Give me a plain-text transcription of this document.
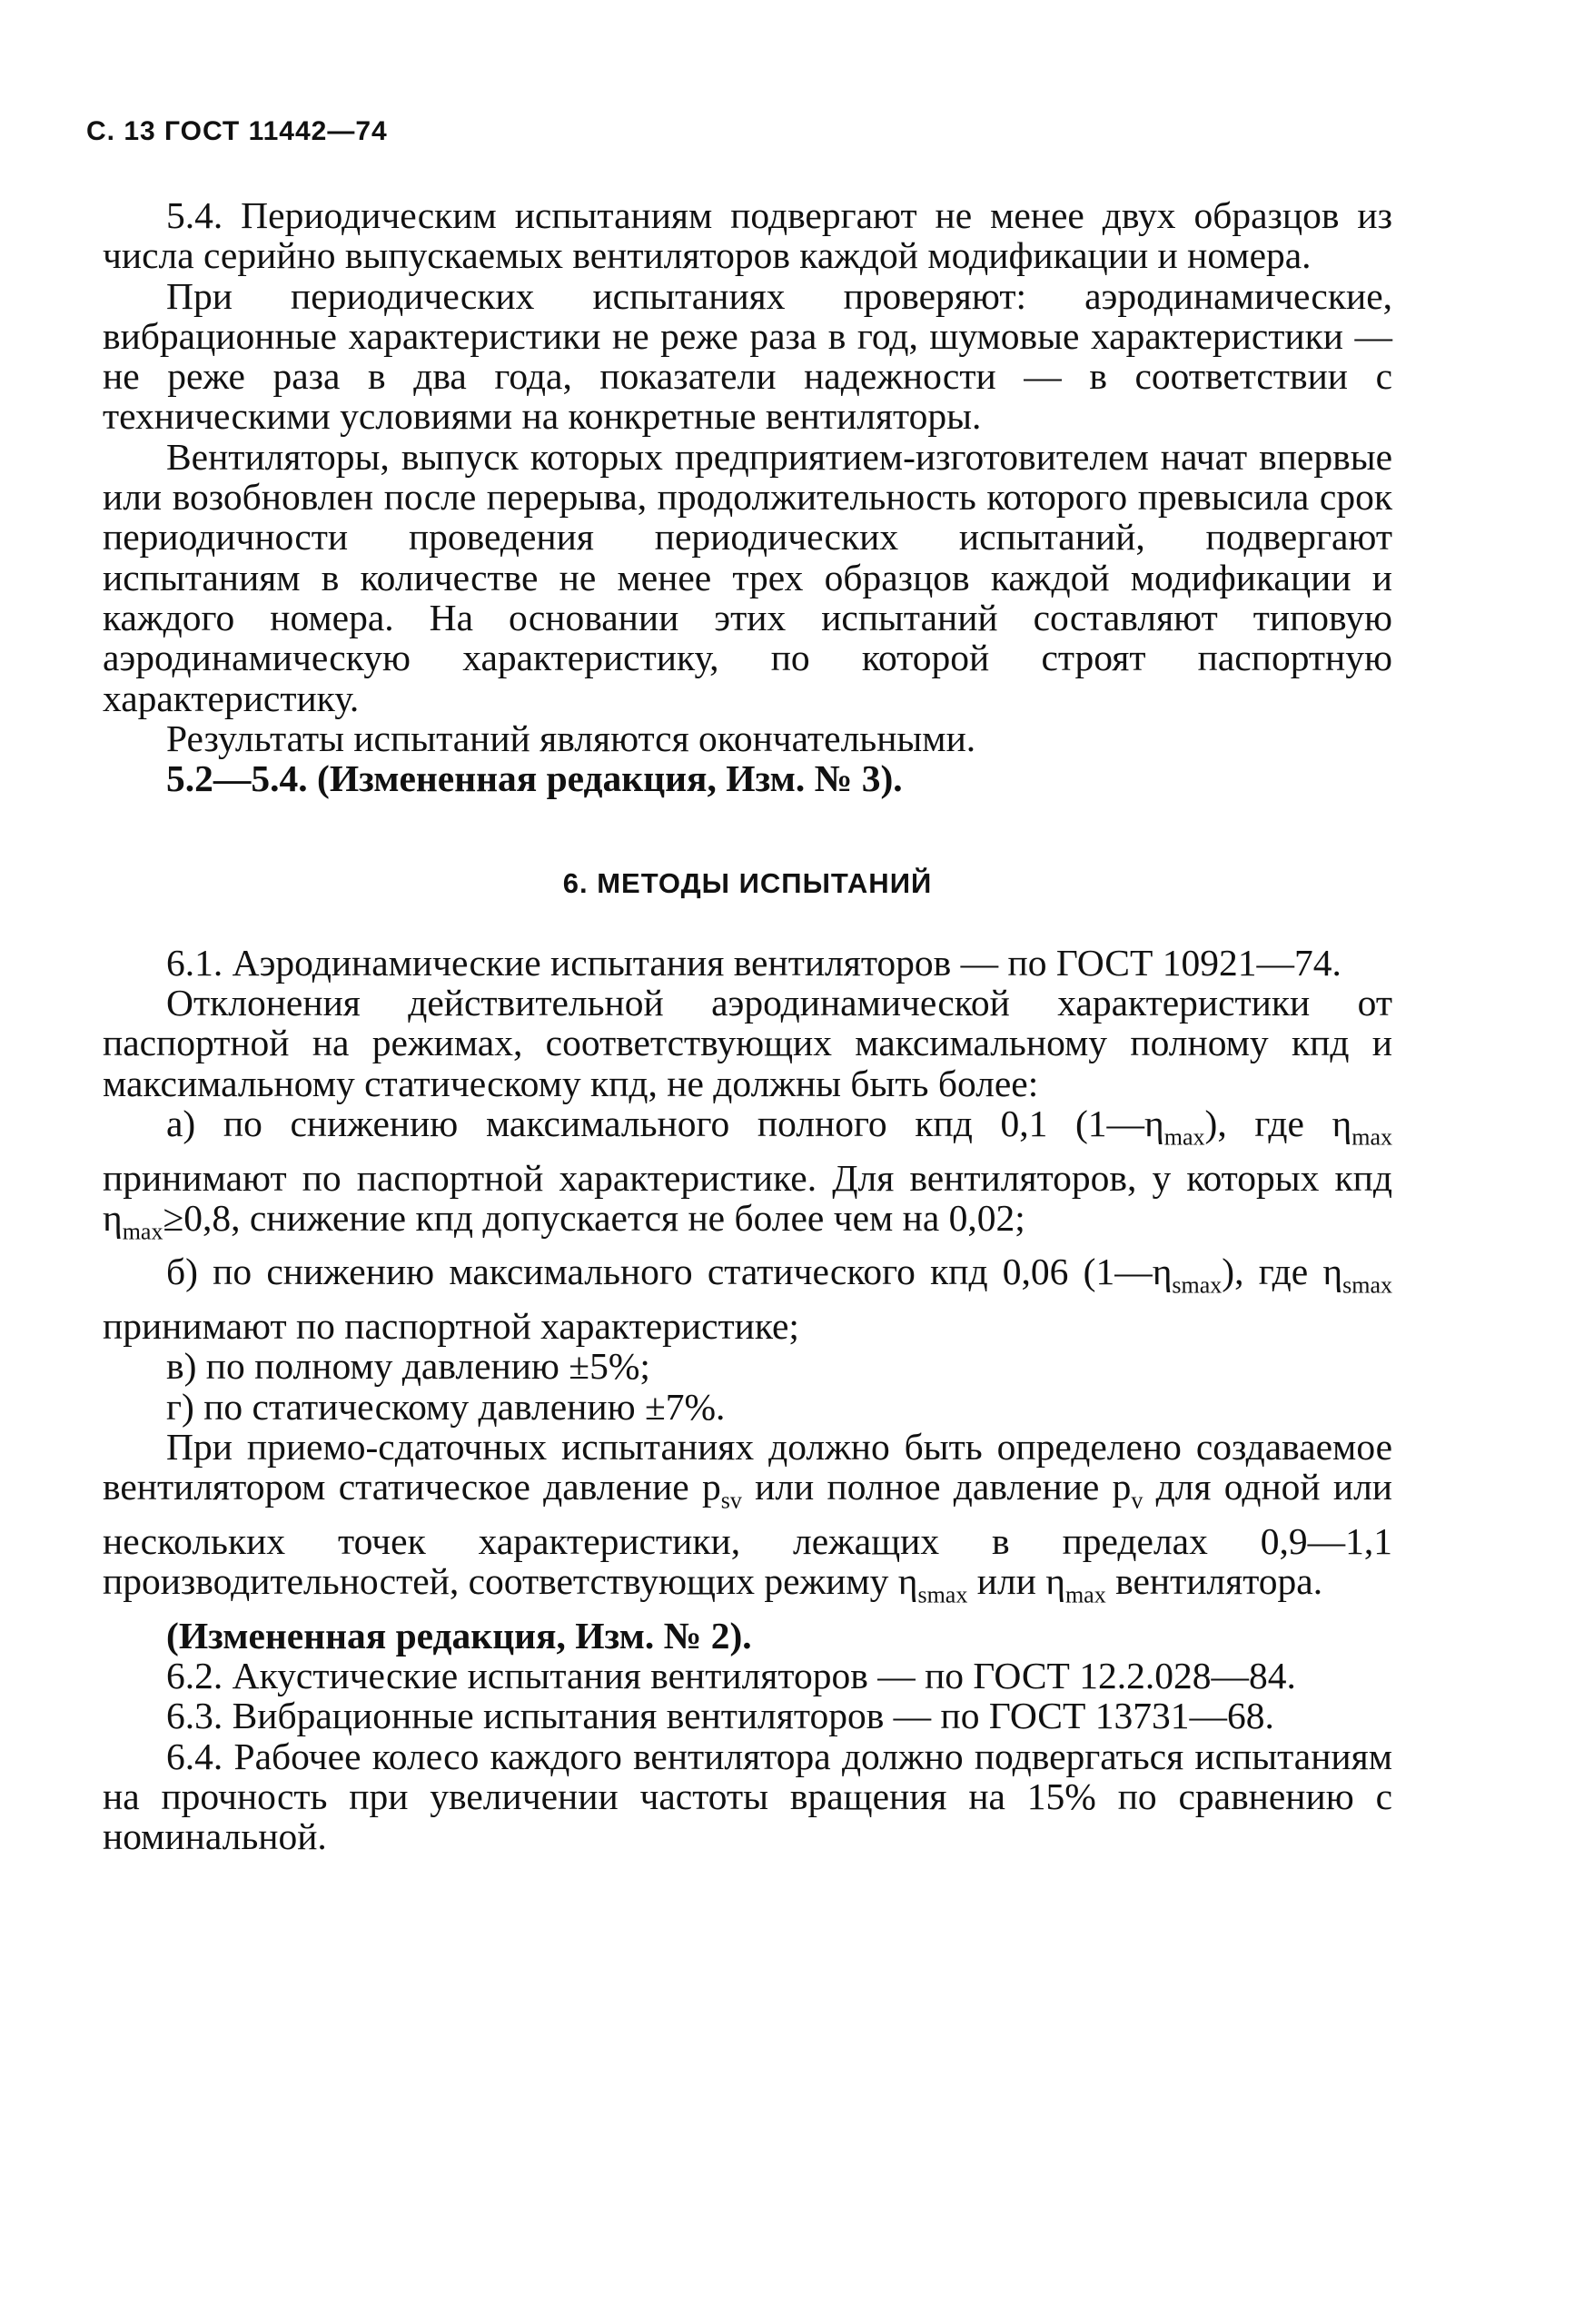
С. 13 ГОСТ 11442—74

5.4. Периодическим испытаниям подвергают не менее двух образцов из числа серийно выпускаемых вентиляторов каждой модификации и номера.

При периодических испытаниях проверяют: аэродинамические, вибрационные характеристики не реже раза в год, шумовые характеристики — не реже раза в два года, показатели надежности — в соответствии с техническими условиями на конкретные вентиляторы.

Вентиляторы, выпуск которых предприятием-изготовителем начат впервые или возобновлен после перерыва, продолжительность которого превысила срок периодичности проведения периодических испытаний, подвергают испытаниям в количестве не менее трех образцов каждой модификации и каждого номера. На основании этих испытаний составляют типовую аэродинамическую характеристику, по которой строят паспортную характеристику.

Результаты испытаний являются окончательными.

5.2—5.4. (Измененная редакция, Изм. № 3).

6. МЕТОДЫ ИСПЫТАНИЙ

6.1. Аэродинамические испытания вентиляторов — по ГОСТ 10921—74.

Отклонения действительной аэродинамической характеристики от паспортной на режимах, соответствующих максимальному полному кпд и максимальному статическому кпд, не должны быть более:

а) по снижению максимального полного кпд 0,1 $(1—\eta_{max})$, где $\eta_{max}$ принимают по паспортной характеристике. Для вентиляторов, у которых кпд $\eta_{max}\ge 0,8$, снижение кпд допускается не более чем на 0,02;

б) по снижению максимального статического кпд 0,06 $(1—\eta_{smax})$, где $\eta_{smax}$ принимают по паспортной характеристике;

в) по полному давлению ±5%;

г) по статическому давлению ±7%.

При приемо-сдаточных испытаниях должно быть определено создаваемое вентилятором статическое давление $p_{sv}$ или полное давление $p_v$ для одной или нескольких точек характеристики, лежащих в пределах 0,9—1,1 производительностей, соответствующих режиму $\eta_{smax}$ или $\eta_{max}$ вентилятора.

(Измененная редакция, Изм. № 2).

6.2. Акустические испытания вентиляторов — по ГОСТ 12.2.028—84.

6.3. Вибрационные испытания вентиляторов — по ГОСТ 13731—68.

6.4. Рабочее колесо каждого вентилятора должно подвергаться испытаниям на прочность при увеличении частоты вращения на 15% по сравнению с номинальной.
